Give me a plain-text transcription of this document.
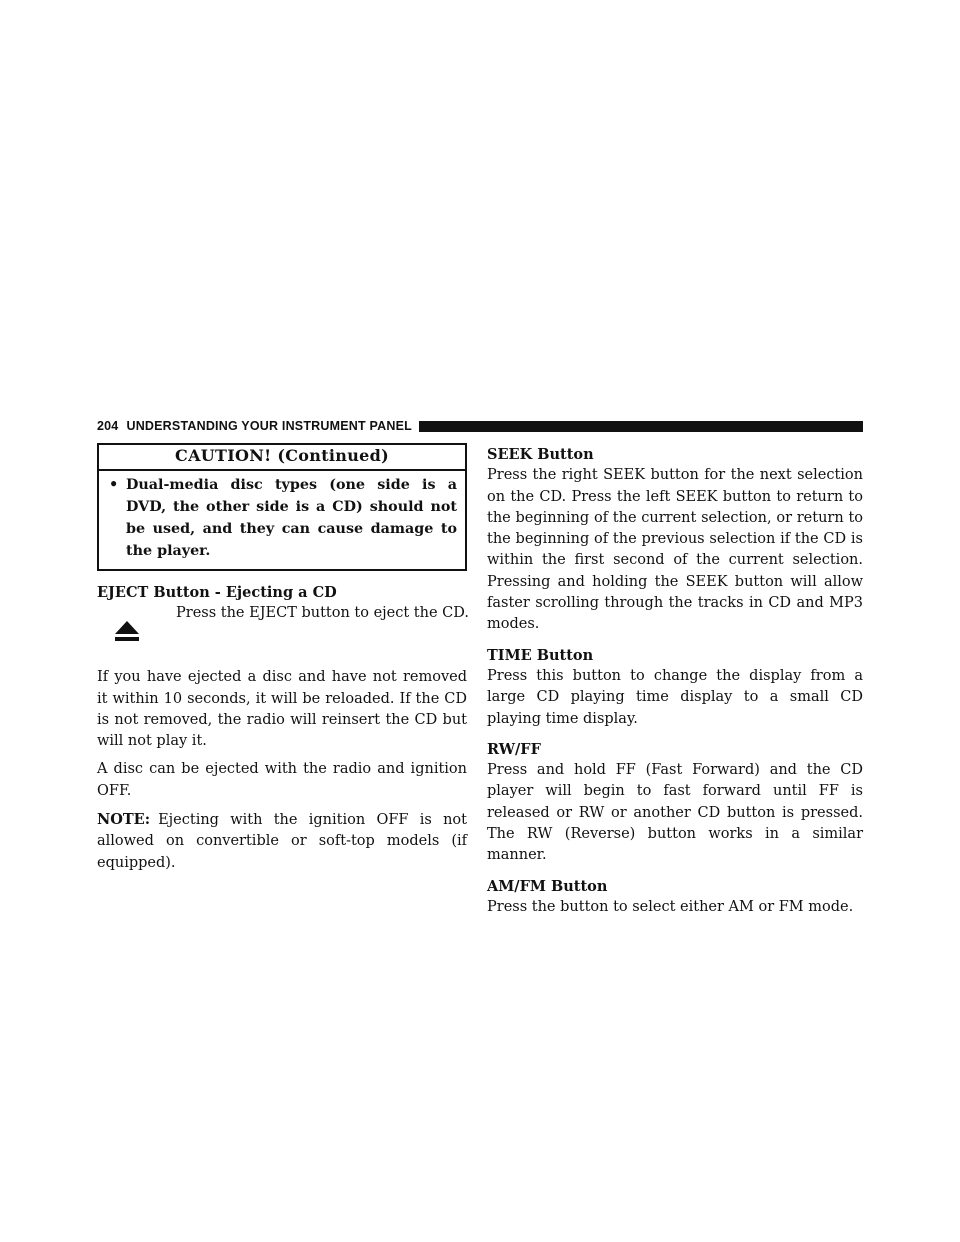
204 UNDERSTANDING YOUR INSTRUMENT PANEL
CAUTION! (Continued)
• Dual-media disc types (one side is a DVD, the other side is a CD) should not be used, and they can cause damage to the player.
EJECT Button - Ejecting a CD

Press the EJECT button to eject the CD.

If you have ejected a disc and have not removed it within 10 seconds, it will be reloaded. If the CD is not removed, the radio will reinsert the CD but will not play it.

A disc can be ejected with the radio and ignition OFF.

NOTE: Ejecting with the ignition OFF is not allowed on convertible or soft-top models (if equipped).

SEEK Button

Press the right SEEK button for the next selection on the CD. Press the left SEEK button to return to the beginning of the current selection, or return to the beginning of the previous selection if the CD is within the first second of the current selection. Pressing and holding the SEEK button will allow faster scrolling through the tracks in CD and MP3 modes.

TIME Button

Press this button to change the display from a large CD playing time display to a small CD playing time display.

RW/FF

Press and hold FF (Fast Forward) and the CD player will begin to fast forward until FF is released or RW or another CD button is pressed. The RW (Reverse) button works in a similar manner.

AM/FM Button

Press the button to select either AM or FM mode.
